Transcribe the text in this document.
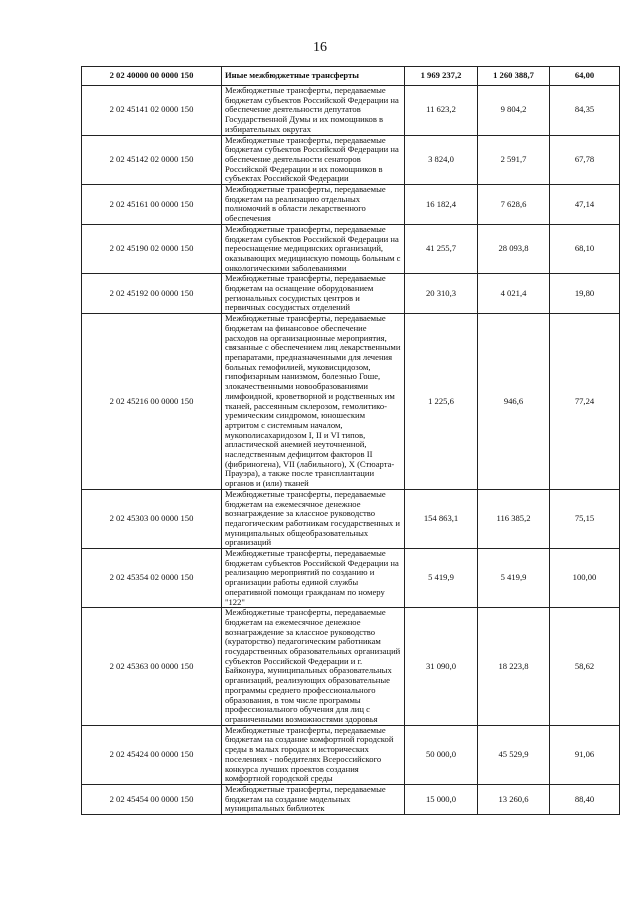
16
2 02 40000 00 0000 150	Иные межбюджетные трансферты	1 969 237,2	1 260 388,7	64,00
2 02 45141 02 0000 150	Межбюджетные трансферты, передаваемые бюджетам субъектов Российской Федерации на обеспечение деятельности депутатов Государственной Думы и их помощников в избирательных округах	11 623,2	9 804,2	84,35
2 02 45142 02 0000 150	Межбюджетные трансферты, передаваемые бюджетам субъектов Российской Федерации на обеспечение деятельности сенаторов Российской Федерации и их помощников в субъектах Российской Федерации	3 824,0	2 591,7	67,78
2 02 45161 00 0000 150	Межбюджетные трансферты, передаваемые бюджетам на реализацию отдельных полномочий в области лекарственного обеспечения	16 182,4	7 628,6	47,14
2 02 45190 02 0000 150	Межбюджетные трансферты, передаваемые бюджетам субъектов Российской Федерации на переоснащение медицинских организаций, оказывающих медицинскую помощь больным с онкологическими заболеваниями	41 255,7	28 093,8	68,10
2 02 45192 00 0000 150	Межбюджетные трансферты, передаваемые бюджетам на оснащение оборудованием региональных сосудистых центров и первичных сосудистых отделений	20 310,3	4 021,4	19,80
2 02 45216 00 0000 150	Межбюджетные трансферты, передаваемые бюджетам на финансовое обеспечение расходов на организационные мероприятия, связанные с обеспечением лиц лекарственными препаратами, предназначенными для лечения больных гемофилией, муковисцидозом, гипофизарным нанизмом, болезнью Гоше, злокачественными новообразованиями лимфоидной, кроветворной и родственных им тканей, рассеянным склерозом, гемолитико-уремическим синдромом, юношеским артритом с системным началом, мукополисахаридозом I, II и VI типов, апластической анемией неуточненной, наследственным дефицитом факторов II (фибриногена), VII (лабильного), X (Стюарта-Прауэра), а также после трансплантации органов и (или) тканей	1 225,6	946,6	77,24
2 02 45303 00 0000 150	Межбюджетные трансферты, передаваемые бюджетам на ежемесячное денежное вознаграждение за классное руководство педагогическим работникам государственных и муниципальных общеобразовательных организаций	154 863,1	116 385,2	75,15
2 02 45354 02 0000 150	Межбюджетные трансферты, передаваемые бюджетам субъектов Российской Федерации на реализацию мероприятий по созданию и организации работы единой службы оперативной помощи гражданам по номеру "122"	5 419,9	5 419,9	100,00
2 02 45363 00 0000 150	Межбюджетные трансферты, передаваемые бюджетам на ежемесячное денежное вознаграждение за классное руководство (кураторство) педагогическим работникам государственных образовательных организаций субъектов Российской Федерации и г. Байконура, муниципальных образовательных организаций, реализующих образовательные программы среднего профессионального образования, в том числе программы профессионального обучения для лиц с ограниченными возможностями здоровья	31 090,0	18 223,8	58,62
2 02 45424 00 0000 150	Межбюджетные трансферты, передаваемые бюджетам на создание комфортной городской среды в малых городах и исторических поселениях - победителях Всероссийского конкурса лучших проектов создания комфортной городской среды	50 000,0	45 529,9	91,06
2 02 45454 00 0000 150	Межбюджетные трансферты, передаваемые бюджетам на создание модельных муниципальных библиотек	15 000,0	13 260,6	88,40
